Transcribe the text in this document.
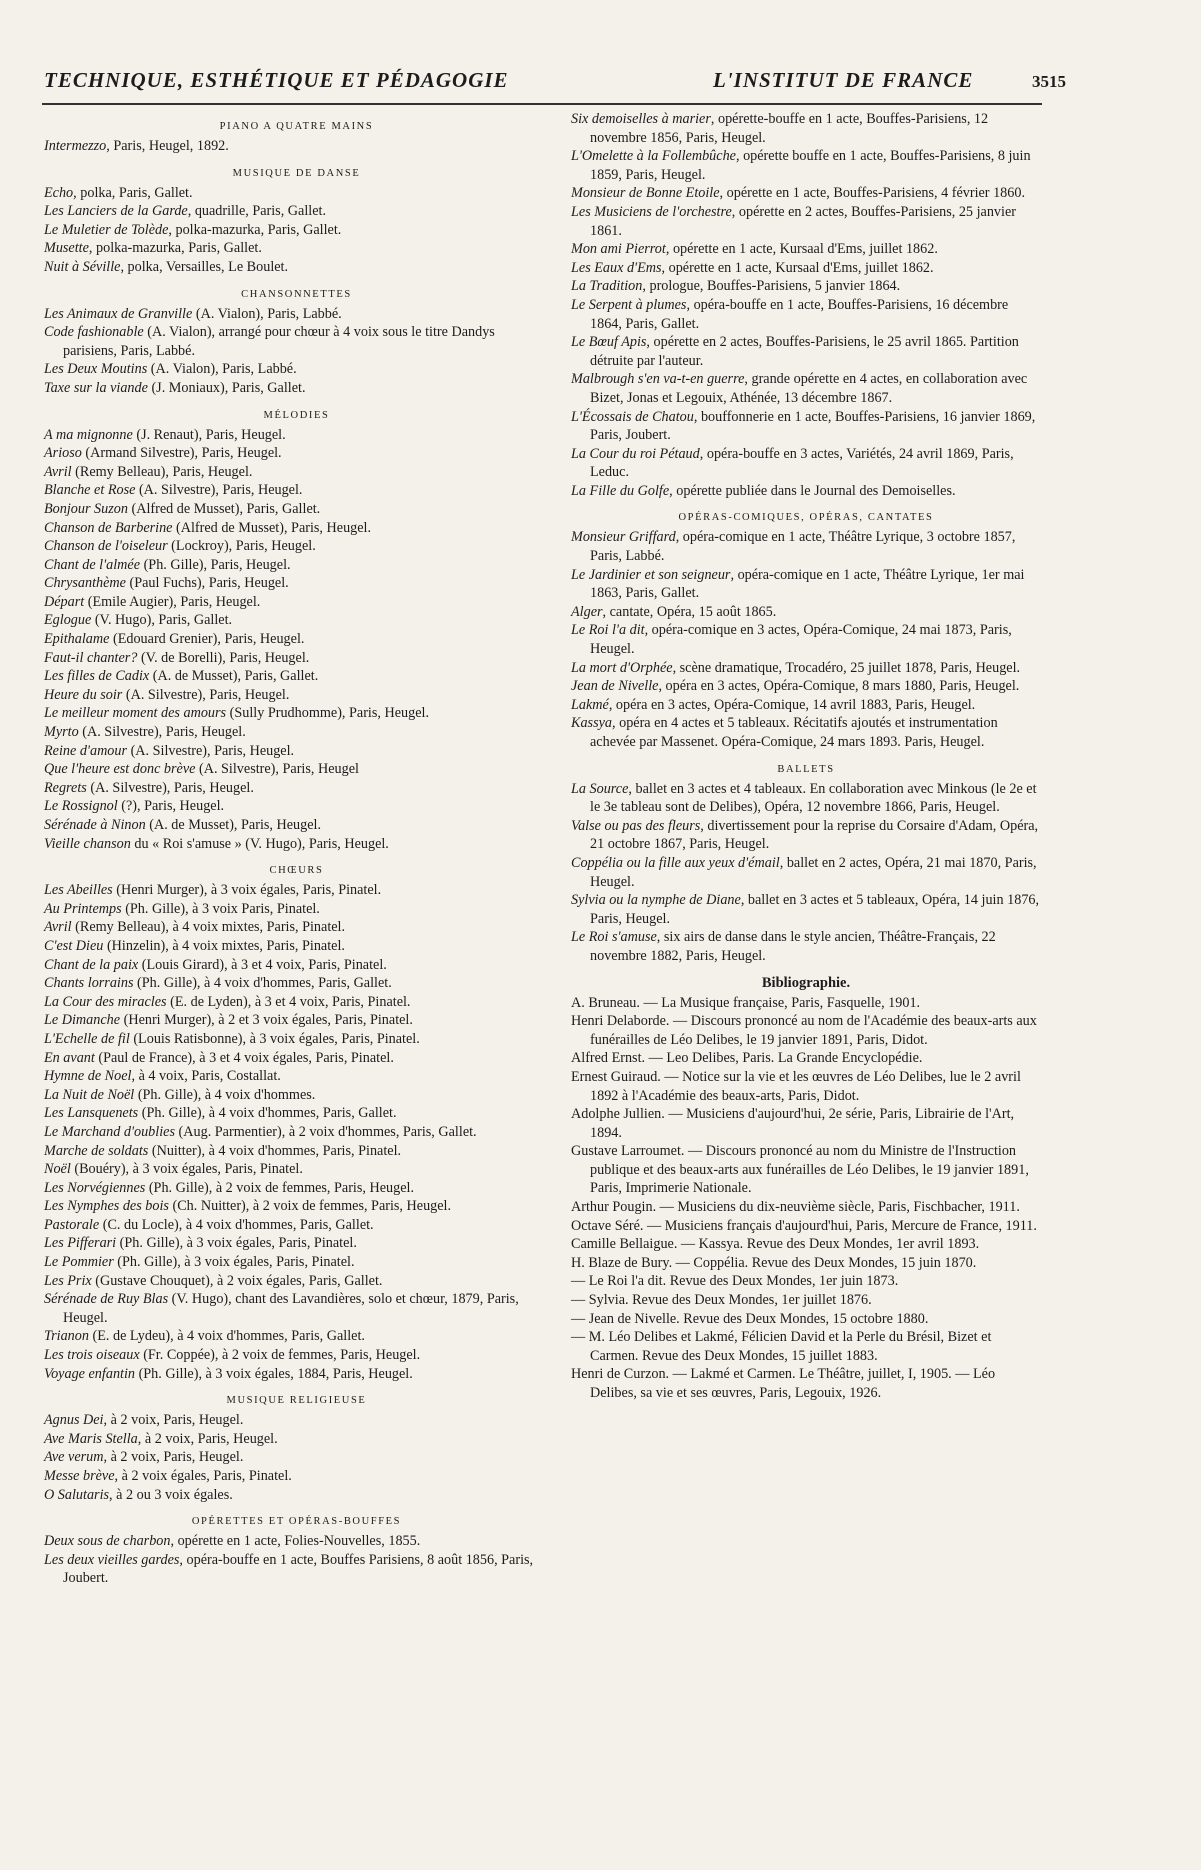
TECHNIQUE, ESTHÉTIQUE ET PÉDAGOGIE	L'INSTITUT DE FRANCE	3515
PIANO A QUATRE MAINS
Intermezzo, Paris, Heugel, 1892.
MUSIQUE DE DANSE
Echo, polka, Paris, Gallet.
Les Lanciers de la Garde, quadrille, Paris, Gallet.
Le Muletier de Tolède, polka-mazurka, Paris, Gallet.
Musette, polka-mazurka, Paris, Gallet.
Nuit à Séville, polka, Versailles, Le Boulet.
CHANSONNETTES
Les Animaux de Granville (A. Vialon), Paris, Labbé.
Code fashionable (A. Vialon), arrangé pour chœur à 4 voix sous le titre Dandys parisiens, Paris, Labbé.
Les Deux Moutins (A. Vialon), Paris, Labbé.
Taxe sur la viande (J. Moniaux), Paris, Gallet.
MÉLODIES
A ma mignonne (J. Renaut), Paris, Heugel.
Arioso (Armand Silvestre), Paris, Heugel.
Avril (Remy Belleau), Paris, Heugel.
Blanche et Rose (A. Silvestre), Paris, Heugel.
Bonjour Suzon (Alfred de Musset), Paris, Gallet.
Chanson de Barberine (Alfred de Musset), Paris, Heugel.
Chanson de l'oiseleur (Lockroy), Paris, Heugel.
Chant de l'almée (Ph. Gille), Paris, Heugel.
Chrysanthème (Paul Fuchs), Paris, Heugel.
Départ (Emile Augier), Paris, Heugel.
Eglogue (V. Hugo), Paris, Gallet.
Epithalame (Edouard Grenier), Paris, Heugel.
Faut-il chanter? (V. de Borelli), Paris, Heugel.
Les filles de Cadix (A. de Musset), Paris, Gallet.
Heure du soir (A. Silvestre), Paris, Heugel.
Le meilleur moment des amours (Sully Prudhomme), Paris, Heugel.
Myrto (A. Silvestre), Paris, Heugel.
Reine d'amour (A. Silvestre), Paris, Heugel.
Que l'heure est donc brève (A. Silvestre), Paris, Heugel
Regrets (A. Silvestre), Paris, Heugel.
Le Rossignol (?), Paris, Heugel.
Sérénade à Ninon (A. de Musset), Paris, Heugel.
Vieille chanson du « Roi s'amuse » (V. Hugo), Paris, Heugel.
CHŒURS
Les Abeilles (Henri Murger), à 3 voix égales, Paris, Pinatel.
Au Printemps (Ph. Gille), à 3 voix Paris, Pinatel.
Avril (Remy Belleau), à 4 voix mixtes, Paris, Pinatel.
C'est Dieu (Hinzelin), à 4 voix mixtes, Paris, Pinatel.
Chant de la paix (Louis Girard), à 3 et 4 voix, Paris, Pinatel.
Chants lorrains (Ph. Gille), à 4 voix d'hommes, Paris, Gallet.
La Cour des miracles (E. de Lyden), à 3 et 4 voix, Paris, Pinatel.
Le Dimanche (Henri Murger), à 2 et 3 voix égales, Paris, Pinatel.
L'Echelle de fil (Louis Ratisbonne), à 3 voix égales, Paris, Pinatel.
En avant (Paul de France), à 3 et 4 voix égales, Paris, Pinatel.
Hymne de Noel, à 4 voix, Paris, Costallat.
La Nuit de Noël (Ph. Gille), à 4 voix d'hommes.
Les Lansquenets (Ph. Gille), à 4 voix d'hommes, Paris, Gallet.
Le Marchand d'oublies (Aug. Parmentier), à 2 voix d'hommes, Paris, Gallet.
Marche de soldats (Nuitter), à 4 voix d'hommes, Paris, Pinatel.
Noël (Bouéry), à 3 voix égales, Paris, Pinatel.
Les Norvégiennes (Ph. Gille), à 2 voix de femmes, Paris, Heugel.
Les Nymphes des bois (Ch. Nuitter), à 2 voix de femmes, Paris, Heugel.
Pastorale (C. du Locle), à 4 voix d'hommes, Paris, Gallet.
Les Pifferari (Ph. Gille), à 3 voix égales, Paris, Pinatel.
Le Pommier (Ph. Gille), à 3 voix égales, Paris, Pinatel.
Les Prix (Gustave Chouquet), à 2 voix égales, Paris, Gallet.
Sérénade de Ruy Blas (V. Hugo), chant des Lavandières, solo et chœur, 1879, Paris, Heugel.
Trianon (E. de Lydeu), à 4 voix d'hommes, Paris, Gallet.
Les trois oiseaux (Fr. Coppée), à 2 voix de femmes, Paris, Heugel.
Voyage enfantin (Ph. Gille), à 3 voix égales, 1884, Paris, Heugel.
MUSIQUE RELIGIEUSE
Agnus Dei, à 2 voix, Paris, Heugel.
Ave Maris Stella, à 2 voix, Paris, Heugel.
Ave verum, à 2 voix, Paris, Heugel.
Messe brève, à 2 voix égales, Paris, Pinatel.
O Salutaris, à 2 ou 3 voix égales.
OPÉRETTES ET OPÉRAS-BOUFFES
Deux sous de charbon, opérette en 1 acte, Folies-Nouvelles, 1855.
Les deux vieilles gardes, opéra-bouffe en 1 acte, Bouffes Parisiens, 8 août 1856, Paris, Joubert.
Six demoiselles à marier, opérette-bouffe en 1 acte, Bouffes-Parisiens, 12 novembre 1856, Paris, Heugel.
L'Omelette à la Follembûche, opérette bouffe en 1 acte, Bouffes-Parisiens, 8 juin 1859, Paris, Heugel.
Monsieur de Bonne Etoile, opérette en 1 acte, Bouffes-Parisiens, 4 février 1860.
Les Musiciens de l'orchestre, opérette en 2 actes, Bouffes-Parisiens, 25 janvier 1861.
Mon ami Pierrot, opérette en 1 acte, Kursaal d'Ems, juillet 1862.
Les Eaux d'Ems, opérette en 1 acte, Kursaal d'Ems, juillet 1862.
La Tradition, prologue, Bouffes-Parisiens, 5 janvier 1864.
Le Serpent à plumes, opéra-bouffe en 1 acte, Bouffes-Parisiens, 16 décembre 1864, Paris, Gallet.
Le Bœuf Apis, opérette en 2 actes, Bouffes-Parisiens, le 25 avril 1865. Partition détruite par l'auteur.
Malbrough s'en va-t-en guerre, grande opérette en 4 actes, en collaboration avec Bizet, Jonas et Legouix, Athénée, 13 décembre 1867.
L'Écossais de Chatou, bouffonnerie en 1 acte, Bouffes-Parisiens, 16 janvier 1869, Paris, Joubert.
La Cour du roi Pétaud, opéra-bouffe en 3 actes, Variétés, 24 avril 1869, Paris, Leduc.
La Fille du Golfe, opérette publiée dans le Journal des Demoiselles.
OPÉRAS-COMIQUES, OPÉRAS, CANTATES
Monsieur Griffard, opéra-comique en 1 acte, Théâtre Lyrique, 3 octobre 1857, Paris, Labbé.
Le Jardinier et son seigneur, opéra-comique en 1 acte, Théâtre Lyrique, 1er mai 1863, Paris, Gallet.
Alger, cantate, Opéra, 15 août 1865.
Le Roi l'a dit, opéra-comique en 3 actes, Opéra-Comique, 24 mai 1873, Paris, Heugel.
La mort d'Orphée, scène dramatique, Trocadéro, 25 juillet 1878, Paris, Heugel.
Jean de Nivelle, opéra en 3 actes, Opéra-Comique, 8 mars 1880, Paris, Heugel.
Lakmé, opéra en 3 actes, Opéra-Comique, 14 avril 1883, Paris, Heugel.
Kassya, opéra en 4 actes et 5 tableaux. Récitatifs ajoutés et instrumentation achevée par Massenet. Opéra-Comique, 24 mars 1893. Paris, Heugel.
BALLETS
La Source, ballet en 3 actes et 4 tableaux. En collaboration avec Minkous (le 2e et le 3e tableau sont de Delibes), Opéra, 12 novembre 1866, Paris, Heugel.
Valse ou pas des fleurs, divertissement pour la reprise du Corsaire d'Adam, Opéra, 21 octobre 1867, Paris, Heugel.
Coppélia ou la fille aux yeux d'émail, ballet en 2 actes, Opéra, 21 mai 1870, Paris, Heugel.
Sylvia ou la nymphe de Diane, ballet en 3 actes et 5 tableaux, Opéra, 14 juin 1876, Paris, Heugel.
Le Roi s'amuse, six airs de danse dans le style ancien, Théâtre-Français, 22 novembre 1882, Paris, Heugel.
Bibliographie.
A. Bruneau. — La Musique française, Paris, Fasquelle, 1901.
Henri Delaborde. — Discours prononcé au nom de l'Académie des beaux-arts aux funérailles de Léo Delibes, le 19 janvier 1891, Paris, Didot.
Alfred Ernst. — Leo Delibes, Paris. La Grande Encyclopédie.
Ernest Guiraud. — Notice sur la vie et les œuvres de Léo Delibes, lue le 2 avril 1892 à l'Académie des beaux-arts, Paris, Didot.
Adolphe Jullien. — Musiciens d'aujourd'hui, 2e série, Paris, Librairie de l'Art, 1894.
Gustave Larroumet. — Discours prononcé au nom du Ministre de l'Instruction publique et des beaux-arts aux funérailles de Léo Delibes, le 19 janvier 1891, Paris, Imprimerie Nationale.
Arthur Pougin. — Musiciens du dix-neuvième siècle, Paris, Fischbacher, 1911.
Octave Séré. — Musiciens français d'aujourd'hui, Paris, Mercure de France, 1911.
Camille Bellaigue. — Kassya. Revue des Deux Mondes, 1er avril 1893.
H. Blaze de Bury. — Coppélia. Revue des Deux Mondes, 15 juin 1870.
— Le Roi l'a dit. Revue des Deux Mondes, 1er juin 1873.
— Sylvia. Revue des Deux Mondes, 1er juillet 1876.
— Jean de Nivelle. Revue des Deux Mondes, 15 octobre 1880.
— M. Léo Delibes et Lakmé, Félicien David et la Perle du Brésil, Bizet et Carmen. Revue des Deux Mondes, 15 juillet 1883.
Henri de Curzon. — Lakmé et Carmen. Le Théâtre, juillet, I, 1905. — Léo Delibes, sa vie et ses œuvres, Paris, Legouix, 1926.
